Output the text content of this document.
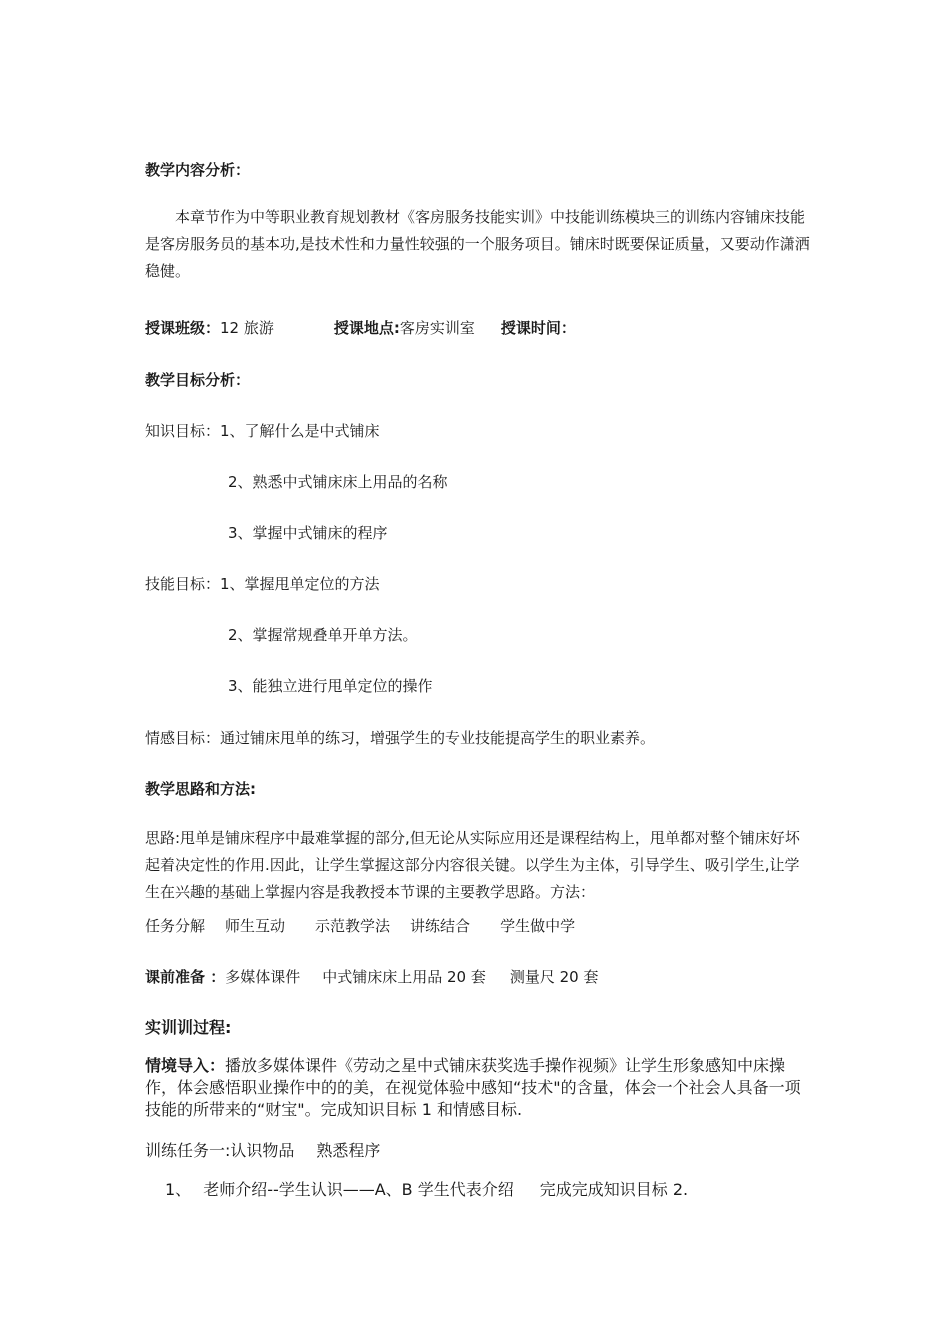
教学内容分析：
本章节作为中等职业教育规划教材《客房服务技能实训》中技能训练模块三的训练内容铺床技能是客房服务员的基本功,是技术性和力量性较强的一个服务项目。铺床时既要保证质量，又要动作潇洒稳健。
授课班级：12 旅游	授课地点:客房实训室 授课时间：
教学目标分析：
知识目标：1、了解什么是中式铺床
2、熟悉中式铺床床上用品的名称
3、掌握中式铺床的程序
技能目标：1、掌握甩单定位的方法
2、掌握常规叠单开单方法。
3、能独立进行甩单定位的操作
情感目标：通过铺床甩单的练习，增强学生的专业技能提高学生的职业素养。
教学思路和方法:
思路:甩单是铺床程序中最难掌握的部分,但无论从实际应用还是课程结构上，甩单都对整个铺床好坏起着决定性的作用.因此，让学生掌握这部分内容很关键。以学生为主体，引导学生、吸引学生,让学生在兴趣的基础上掌握内容是我教授本节课的主要教学思路。方法：
任务分解 师生互动 示范教学法 讲练结合 学生做中学
课前准备 ：多媒体课件 中式铺床床上用品 20 套 测量尺 20 套
实训训过程:
情境导入：播放多媒体课件《劳动之星中式铺床获奖选手操作视频》让学生形象感知中床操作，体会感悟职业操作中的的美，在视觉体验中感知“技术"的含量，体会一个社会人具备一项技能的所带来的“财宝"。完成知识目标 1 和情感目标.
训练任务一:认识物品 熟悉程序
1、 老师介绍--学生认识——A、B 学生代表介绍 完成完成知识目标 2.
